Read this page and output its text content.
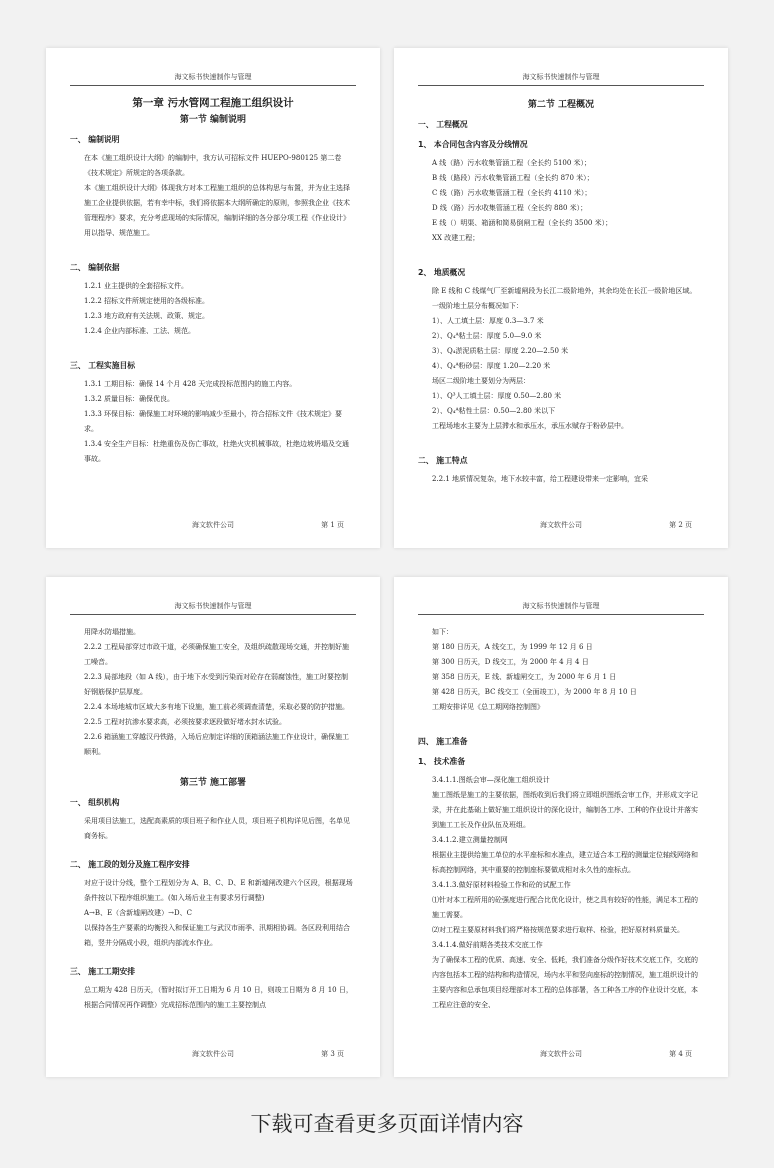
海文标书快速制作与管理
第一章 污水管网工程施工组织设计
第一节 编制说明
一、 编制说明
在本《施工组织设计大纲》的编制中，我方认可招标文件 HUEPO-980125 第二卷《技术规定》所规定的各项条款。
本《施工组织设计大纲》体现我方对本工程施工组织的总体构思与布置，并为业主选择施工企业提供依据，若有幸中标，我们将依据本大纲所确定的原则，参照我企业《技术管理程序》要求，充分考虑现场的实际情况，编制详细的各分部分项工程《作业设计》用以指导、规范施工。
二、 编制依据
1.2.1 业主提供的全套招标文件。
1.2.2 招标文件所规定使用的各级标准。
1.2.3 地方政府有关法规、政策、规定。
1.2.4 企业内部标准、工法、规范。
三、 工程实施目标
1.3.1 工期目标：确保 14 个月 428 天完成投标范围内的施工内容。
1.3.2 质量目标：确保优良。
1.3.3 环保目标：确保施工对环境的影响减少至最小，符合招标文件《技术规定》要求。
1.3.4 安全生产目标：杜绝重伤及伤亡事故，杜绝火灾机械事故，杜绝边坡坍塌及交通事故。
海文软件公司	第 1 页
海文标书快速制作与管理
第二节 工程概况
一、 工程概况
1、 本合同包含内容及分线情况
A 线（路）污水收集管涵工程（全长约 5100 米）；
B 线（路段）污水收集管涵工程（全长约 870 米）；
C 线（路）污水收集管涵工程（全长约 4110 米）；
D 线（路）污水收集管涵工程（全长约 880 米）；
E 线（）明渠、箱涵和简易倒闸工程（全长约 3500 米）；
XX 改建工程；
2、 地质概况
除 E 线和 C 线煤气厂至新墟闸段为长江二级阶地外，其余均处在长江一级阶地区域。
一级阶地土层分布概况如下：
1）、人工填土层：厚度 0.3—3.7 米
2）、Q₄ᴬ粘土层：厚度 5.0—9.0 米
3）、Q₄淤泥质粘土层：厚度 2.20—2.50 米
4）、Q₄ᴬ粉砂层：厚度 1.20—2.20 米
场区二级阶地土要划分为两层：
1）、Q³人工填土层：厚度 0.50—2.80 米
2）、Q₄ᴬ粘性土层：0.50—2.80 米以下
工程场地水主要为上层滞水和承压水，承压水赋存于粉砂层中。
二、 施工特点
2.2.1 地质情况复杂，地下水较丰富，给工程建设带来一定影响，宜采
海文软件公司	第 2 页
海文标书快速制作与管理
用降水防塌措施。
2.2.2 工程局部穿过市政干道，必须确保施工安全，及组织疏散现场交通，并控制好施工噪音。
2.2.3 局部地段（如 A 线），由于地下水受到污染而对砼存在弱腐蚀性，施工时要控制好钢筋保护层厚度。
2.2.4 本场地城市区域大多有地下设施，施工前必须调查清楚，采取必要的防护措施。
2.2.5 工程对抗渗水要求高，必须按要求逐段做好堵水封水试验。
2.2.6 箱涵施工穿越汉丹铁路，入场后应制定详细的顶箱涵法施工作业设计，确保施工顺利。
第三节 施工部署
一、 组织机构
采用项目法施工，选配高素质的项目班子和作业人员，项目班子机构详见后图，名单见商务标。
二、 施工段的划分及施工程序安排
对应于设计分线，整个工程划分为 A、B、C、D、E 和新墟闸改建六个区段，根据现场条件按以下程序组织施工。(如入场后业主有要求另行调整)
A→B、E（含新墟闸改建）→D、C
以保持各生产要素的均衡投入和保证施工与武汉市雨季、汛期相协调。各区段利用结合箱，竖井分隔成小段，组织内部流水作业。
三、 施工工期安排
总工期为 428 日历天，（暂时拟订开工日期为 6 月 10 日，则竣工日期为 8 月 10 日，根据合同情况再作调整）完成招标范围内的施工主要控制点
海文软件公司	第 3 页
海文标书快速制作与管理
如下：
第 180 日历天，A 线交工，为 1999 年 12 月 6 日
第 300 日历天，D 线交工，为 2000 年 4 月 4 日
第 358 日历天，E 线、新墟闸交工，为 2000 年 6 月 1 日
第 428 日历天，BC 线交工（全面竣工），为 2000 年 8 月 10 日
工期安排详见《总工期网络控制图》
四、 施工准备
1、 技术准备
3.4.1.1.图纸会审—深化施工组织设计
施工图纸是施工的主要依据，图纸收到后我们将立即组织图纸会审工作，并形成文字记录，并在此基础上做好施工组织设计的深化设计，编制各工序、工种的作业设计并落实到施工工长及作业队伍及班组。
3.4.1.2.建立测量控制网
根据业主提供给施工单位的水平座标和水准点，建立适合本工程的测量定位轴线网络和标高控制网络，其中重要的控制座标要做成相对永久性的座标点。
3.4.1.3.做好原材料检验工作和砼的试配工作
⑴针对本工程所用的砼强度进行配合比优化设计，使之具有较好的性能，满足本工程的施工需要。
⑵对工程主要原材料我们将严格按规范要求进行取样、检验，把好原材料质量关。
3.4.1.4.做好前期各类技术交底工作
为了确保本工程的优质、高速、安全、低耗，我们准备分级作好技术交底工作，交底的内容包括本工程的结构和构造情况，场内水平和竖向座标的控制情况，施工组织设计的主要内容和总承包项目经理部对本工程的总体部署，各工种各工序的作业设计交底，本工程应注意的安全、
海文软件公司	第 4 页
下载可查看更多页面详情内容
